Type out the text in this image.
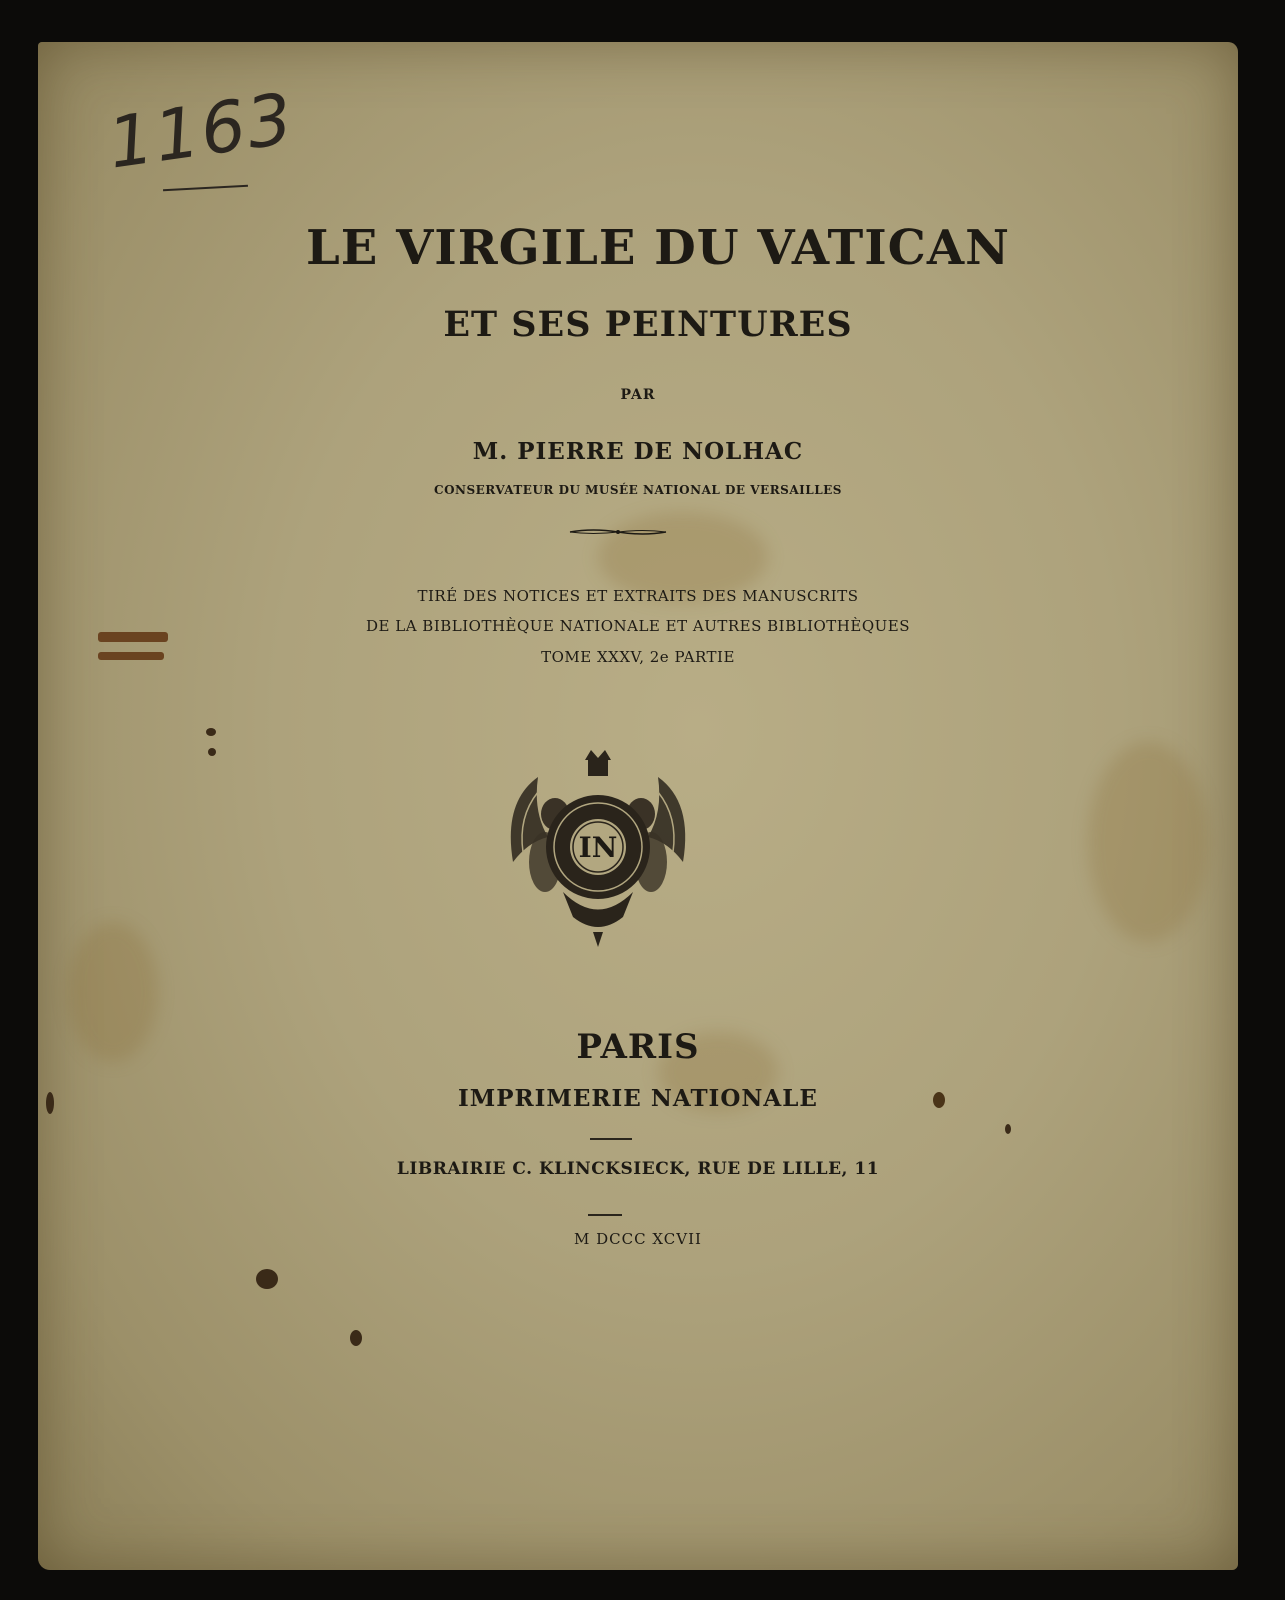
1163
LE VIRGILE DU VATICAN
ET SES PEINTURES
PAR
M. PIERRE DE NOLHAC
CONSERVATEUR DU MUSÉE NATIONAL DE VERSAILLES
TIRÉ DES NOTICES ET EXTRAITS DES MANUSCRITS
DE LA BIBLIOTHÈQUE NATIONALE ET AUTRES BIBLIOTHÈQUES
TOME XXXV, 2e PARTIE
IN
PARIS
IMPRIMERIE NATIONALE
LIBRAIRIE C. KLINCKSIECK, RUE DE LILLE, 11
M DCCC XCVII
